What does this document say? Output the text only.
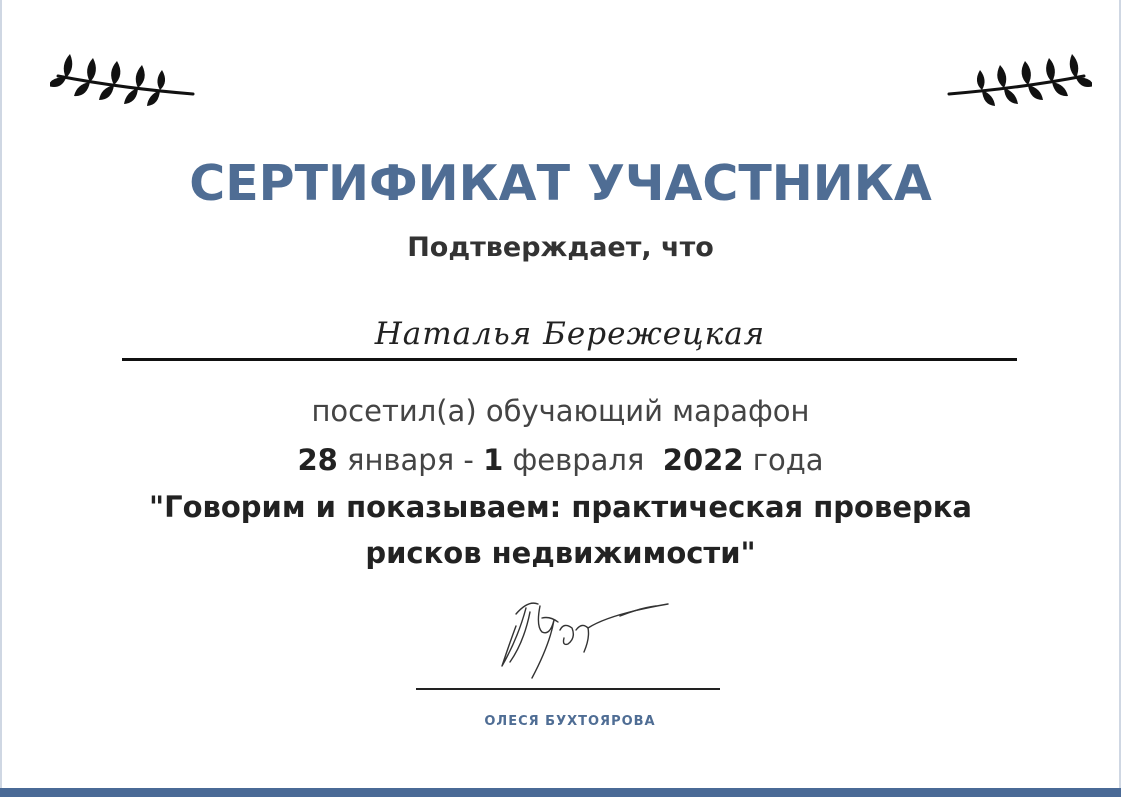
СЕРТИФИКАТ УЧАСТНИКА
Подтверждает, что
Наталья Бережецкая
посетил(а) обучающий марафон
28 января - 1 февраля 2022 года
"Говорим и показываем: практическая проверка
рисков недвижимости"
ОЛЕСЯ БУХТОЯРОВА
